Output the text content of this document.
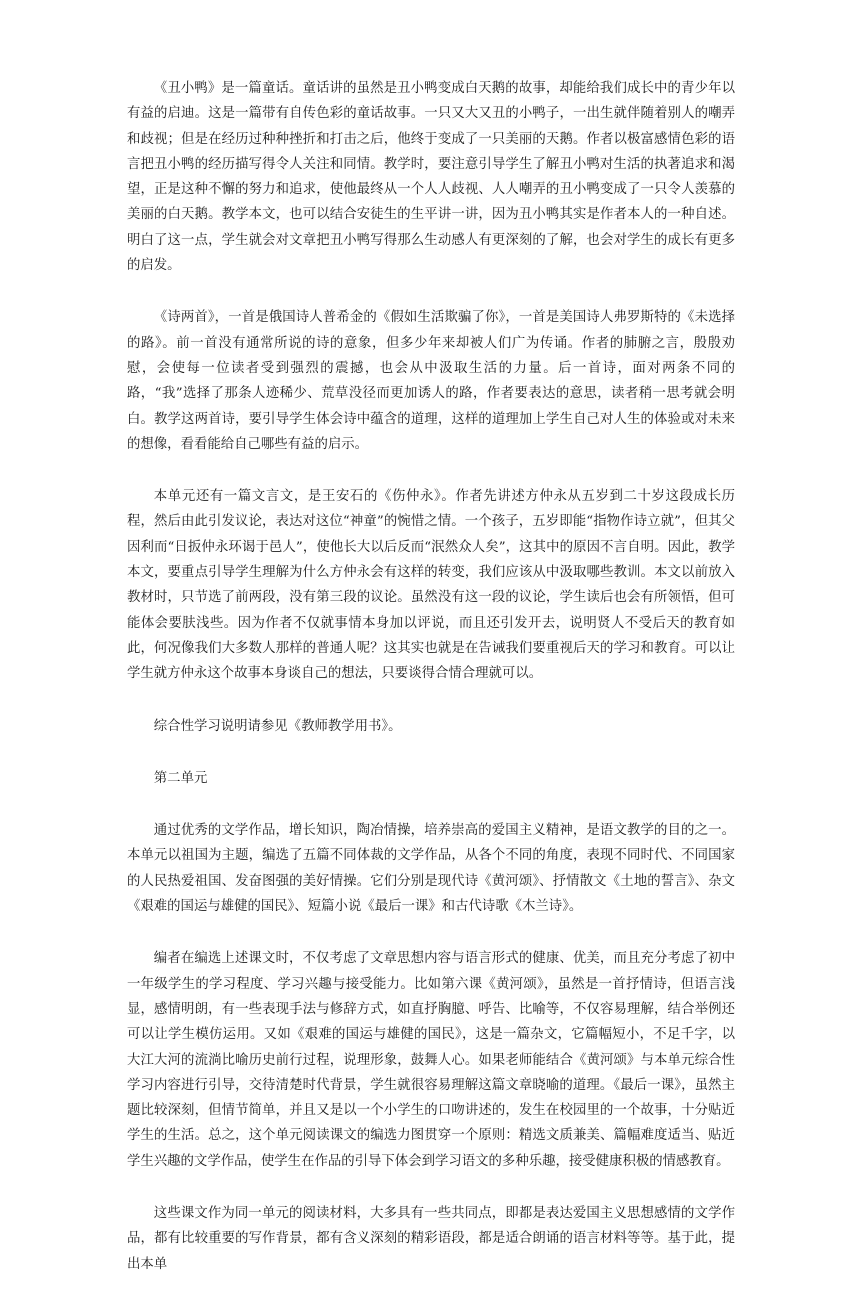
《丑小鸭》是一篇童话。童话讲的虽然是丑小鸭变成白天鹅的故事，却能给我们成长中的青少年以有益的启迪。这是一篇带有自传色彩的童话故事。一只又大又丑的小鸭子，一出生就伴随着别人的嘲弄和歧视；但是在经历过种种挫折和打击之后，他终于变成了一只美丽的天鹅。作者以极富感情色彩的语言把丑小鸭的经历描写得令人关注和同情。教学时，要注意引导学生了解丑小鸭对生活的执著追求和渴望，正是这种不懈的努力和追求，使他最终从一个人人歧视、人人嘲弄的丑小鸭变成了一只令人羡慕的美丽的白天鹅。教学本文，也可以结合安徒生的生平讲一讲，因为丑小鸭其实是作者本人的一种自述。明白了这一点，学生就会对文章把丑小鸭写得那么生动感人有更深刻的了解，也会对学生的成长有更多的启发。

《诗两首》，一首是俄国诗人普希金的《假如生活欺骗了你》，一首是美国诗人弗罗斯特的《未选择的路》。前一首没有通常所说的诗的意象，但多少年来却被人们广为传诵。作者的肺腑之言，殷殷劝慰，会使每一位读者受到强烈的震撼，也会从中汲取生活的力量。后一首诗，面对两条不同的路，“我”选择了那条人迹稀少、荒草没径而更加诱人的路，作者要表达的意思，读者稍一思考就会明白。教学这两首诗，要引导学生体会诗中蕴含的道理，这样的道理加上学生自己对人生的体验或对未来的想像，看看能给自己哪些有益的启示。

本单元还有一篇文言文，是王安石的《伤仲永》。作者先讲述方仲永从五岁到二十岁这段成长历程，然后由此引发议论，表达对这位“神童”的惋惜之情。一个孩子，五岁即能“指物作诗立就”，但其父因利而“日扳仲永环谒于邑人”，使他长大以后反而“泯然众人矣”，这其中的原因不言自明。因此，教学本文，要重点引导学生理解为什么方仲永会有这样的转变，我们应该从中汲取哪些教训。本文以前放入教材时，只节选了前两段，没有第三段的议论。虽然没有这一段的议论，学生读后也会有所领悟，但可能体会要肤浅些。因为作者不仅就事情本身加以评说，而且还引发开去，说明贤人不受后天的教育如此，何况像我们大多数人那样的普通人呢？这其实也就是在告诫我们要重视后天的学习和教育。可以让学生就方仲永这个故事本身谈自己的想法，只要谈得合情合理就可以。

综合性学习说明请参见《教师教学用书》。

第二单元

通过优秀的文学作品，增长知识，陶冶情操，培养崇高的爱国主义精神，是语文教学的目的之一。本单元以祖国为主题，编选了五篇不同体裁的文学作品，从各个不同的角度，表现不同时代、不同国家的人民热爱祖国、发奋图强的美好情操。它们分别是现代诗《黄河颂》、抒情散文《土地的誓言》、杂文《艰难的国运与雄健的国民》、短篇小说《最后一课》和古代诗歌《木兰诗》。

编者在编选上述课文时，不仅考虑了文章思想内容与语言形式的健康、优美，而且充分考虑了初中一年级学生的学习程度、学习兴趣与接受能力。比如第六课《黄河颂》，虽然是一首抒情诗，但语言浅显，感情明朗，有一些表现手法与修辞方式，如直抒胸臆、呼告、比喻等，不仅容易理解，结合举例还可以让学生模仿运用。又如《艰难的国运与雄健的国民》，这是一篇杂文，它篇幅短小，不足千字，以大江大河的流淌比喻历史前行过程，说理形象，鼓舞人心。如果老师能结合《黄河颂》与本单元综合性学习内容进行引导，交待清楚时代背景，学生就很容易理解这篇文章晓喻的道理。《最后一课》，虽然主题比较深刻，但情节简单，并且又是以一个小学生的口吻讲述的，发生在校园里的一个故事，十分贴近学生的生活。总之，这个单元阅读课文的编选力图贯穿一个原则：精选文质兼美、篇幅难度适当、贴近学生兴趣的文学作品，使学生在作品的引导下体会到学习语文的多种乐趣，接受健康积极的情感教育。

这些课文作为同一单元的阅读材料，大多具有一些共同点，即都是表达爱国主义思想感情的文学作品，都有比较重要的写作背景，都有含义深刻的精彩语段，都是适合朗诵的语言材料等等。基于此，提出本单
